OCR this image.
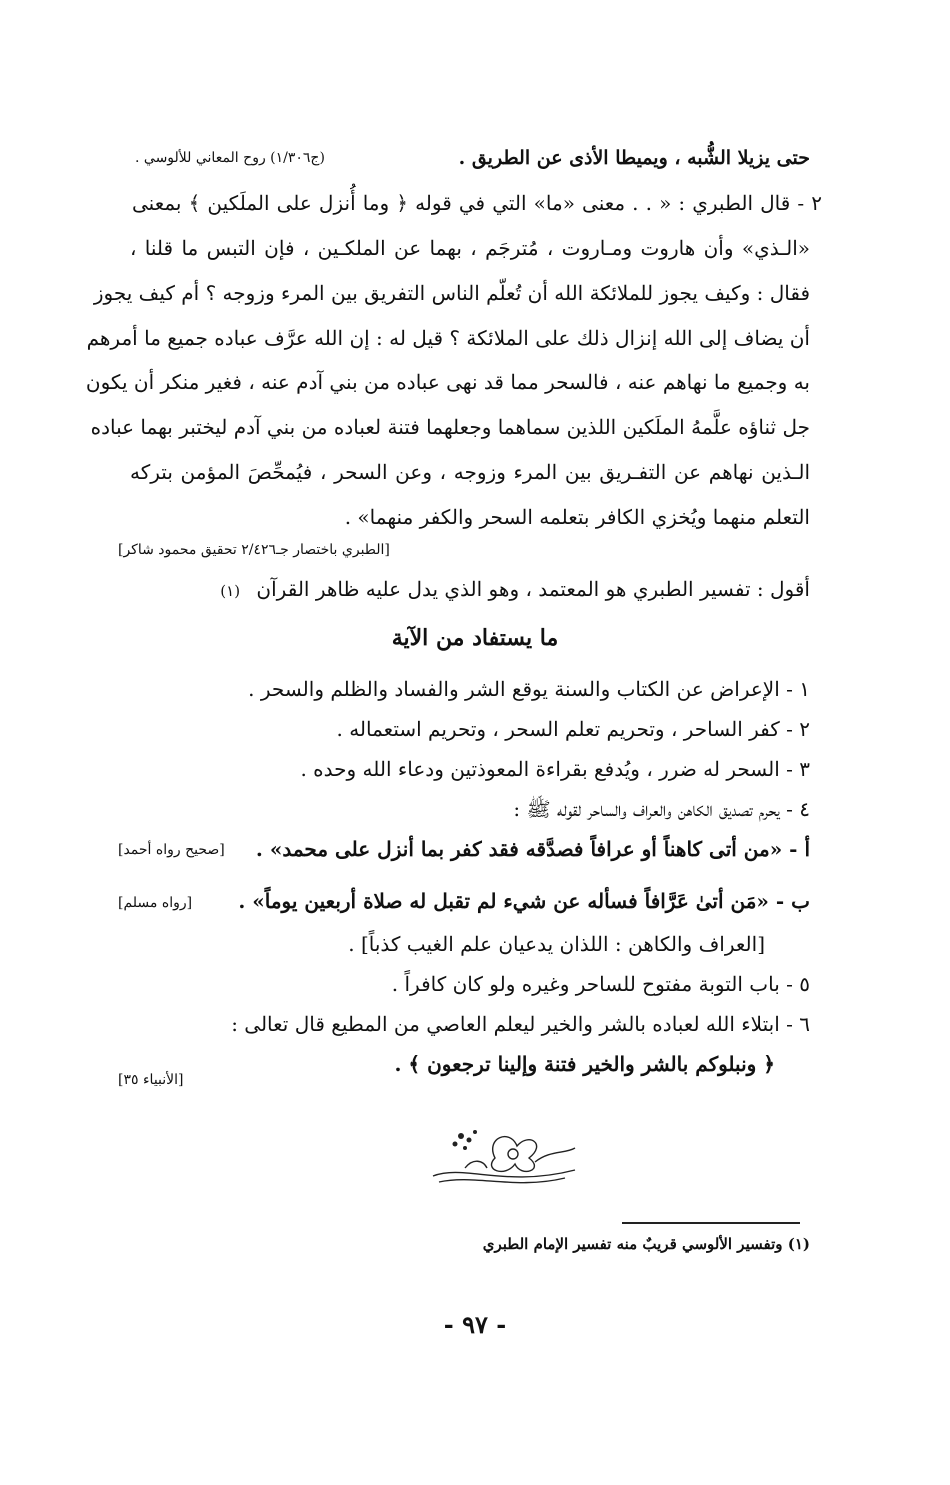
حتى يزيلا الشُّبه ، ويميطا الأذى عن الطريق .
(ج١/٣٠٦) روح المعاني للألوسي .
٢ - قال الطبري : « . . معنى «ما» التي في قوله ﴿ وما أُنزل على الملَكين ﴾ بمعنى
«الـذي» وأن هاروت ومـاروت ، مُترجَم ، بهما عن الملكـين ، فإن التبس ما قلنا ،
فقال : وكيف يجوز للملائكة الله أن تُعلّم الناس التفريق بين المرء وزوجه ؟ أم كيف يجوز
أن يضاف إلى الله إنزال ذلك على الملائكة ؟ قيل له : إن الله عرَّف عباده جميع ما أمرهم
به وجميع ما نهاهم عنه ، فالسحر مما قد نهى عباده من بني آدم عنه ، فغير منكر أن يكون
جل ثناؤه علَّمهُ الملَكين اللذين سماهما وجعلهما فتنة لعباده من بني آدم ليختبر بهما عباده
الـذين نهاهم عن التفـريق بين المرء وزوجه ، وعن السحر ، فيُمحِّصَ المؤمن بتركه
التعلم منهما ويُخزي الكافر بتعلمه السحر والكفر منهما» .
[الطبري باختصار جـ٢/٤٢٦ تحقيق محمود شاكر]
أقول : تفسير الطبري هو المعتمد ، وهو الذي يدل عليه ظاهر القرآن (١)
ما يستفاد من الآية
١ - الإعراض عن الكتاب والسنة يوقع الشر والفساد والظلم والسحر .
٢ - كفر الساحر ، وتحريم تعلم السحر ، وتحريم استعماله .
٣ - السحر له ضرر ، ويُدفع بقراءة المعوذتين ودعاء الله وحده .
٤ - يحرم تصديق الكاهن والعراف والساحر لقوله ﷺ :
أ - «من أتى كاهناً أو عرافاً فصدَّقه فقد كفر بما أنزل على محمد» .
[صحيح رواه أحمد]
ب - «مَن أتىٰ عَرَّافاً فسأله عن شيء لم تقبل له صلاة أربعين يوماً» .
[رواه مسلم]
[العراف والكاهن : اللذان يدعيان علم الغيب كذباً] .
٥ - باب التوبة مفتوح للساحر وغيره ولو كان كافراً .
٦ - ابتلاء الله لعباده بالشر والخير ليعلم العاصي من المطيع قال تعالى :
﴿ ونبلوكم بالشر والخير فتنة وإلينا ترجعون ﴾ .
[الأنبياء ٣٥]
(١) وتفسير الألوسي قريبٌ منه تفسير الإمام الطبري
- ٩٧ -
